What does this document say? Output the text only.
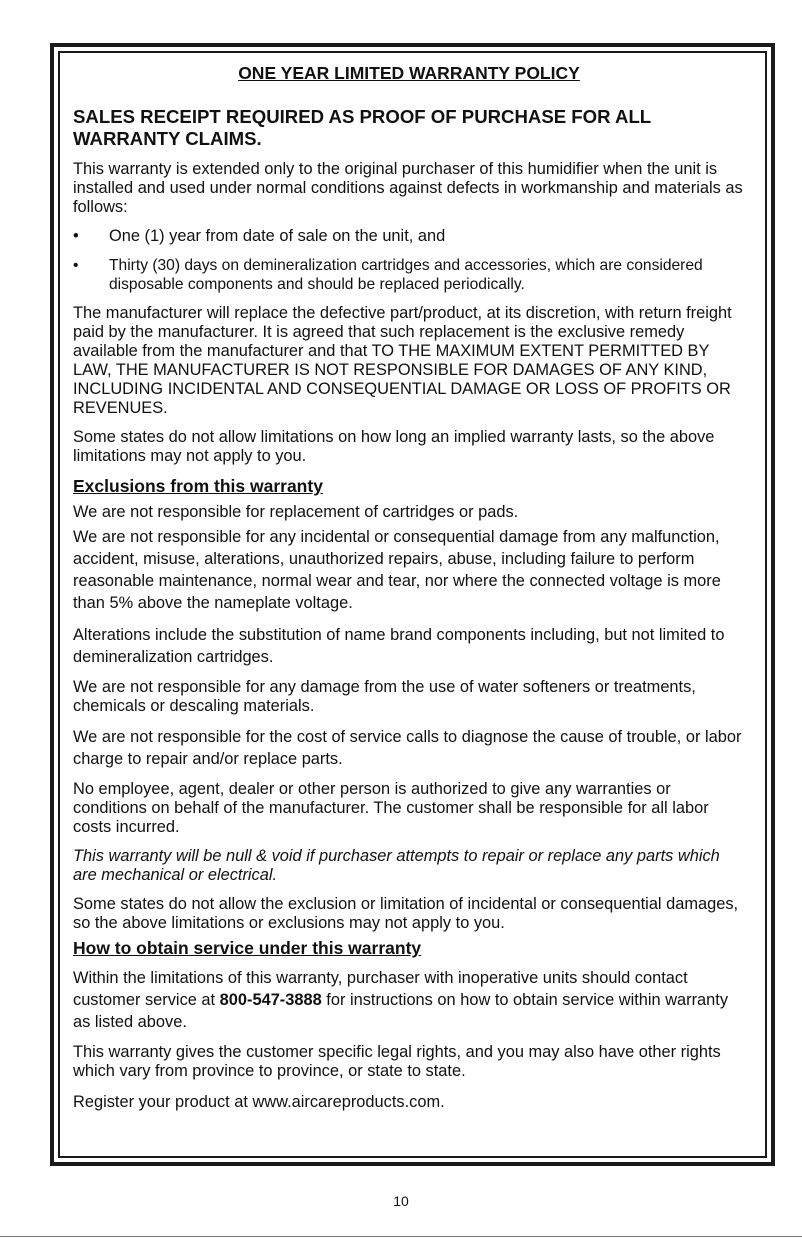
ONE YEAR LIMITED WARRANTY POLICY
SALES RECEIPT REQUIRED AS PROOF OF PURCHASE FOR ALL WARRANTY CLAIMS.

This warranty is extended only to the original purchaser of this humidifier when the unit is installed and used under normal conditions against defects in workmanship and materials as follows:

• One (1) year from date of sale on the unit, and
• Thirty (30) days on demineralization cartridges and accessories, which are considered disposable components and should be replaced periodically.

The manufacturer will replace the defective part/product, at its discretion, with return freight paid by the manufacturer. It is agreed that such replacement is the exclusive remedy available from the manufacturer and that TO THE MAXIMUM EXTENT PERMITTED BY LAW, THE MANUFACTURER IS NOT RESPONSIBLE FOR DAMAGES OF ANY KIND, INCLUDING INCIDENTAL AND CONSEQUENTIAL DAMAGE OR LOSS OF PROFITS OR REVENUES.

Some states do not allow limitations on how long an implied warranty lasts, so the above limitations may not apply to you.

Exclusions from this warranty

We are not responsible for replacement of cartridges or pads.

We are not responsible for any incidental or consequential damage from any malfunction, accident, misuse, alterations, unauthorized repairs, abuse, including failure to perform reasonable maintenance, normal wear and tear, nor where the connected voltage is more than 5% above the nameplate voltage.

Alterations include the substitution of name brand components including, but not limited to demineralization cartridges.

We are not responsible for any damage from the use of water softeners or treatments, chemicals or descaling materials.

We are not responsible for the cost of service calls to diagnose the cause of trouble, or labor charge to repair and/or replace parts.

No employee, agent, dealer or other person is authorized to give any warranties or conditions on behalf of the manufacturer. The customer shall be responsible for all labor costs incurred.

This warranty will be null & void if purchaser attempts to repair or replace any parts which are mechanical or electrical.

Some states do not allow the exclusion or limitation of incidental or consequential damages, so the above limitations or exclusions may not apply to you.

How to obtain service under this warranty

Within the limitations of this warranty, purchaser with inoperative units should contact customer service at 800-547-3888 for instructions on how to obtain service within warranty as listed above.

This warranty gives the customer specific legal rights, and you may also have other rights which vary from province to province, or state to state.

Register your product at www.aircareproducts.com.

10
